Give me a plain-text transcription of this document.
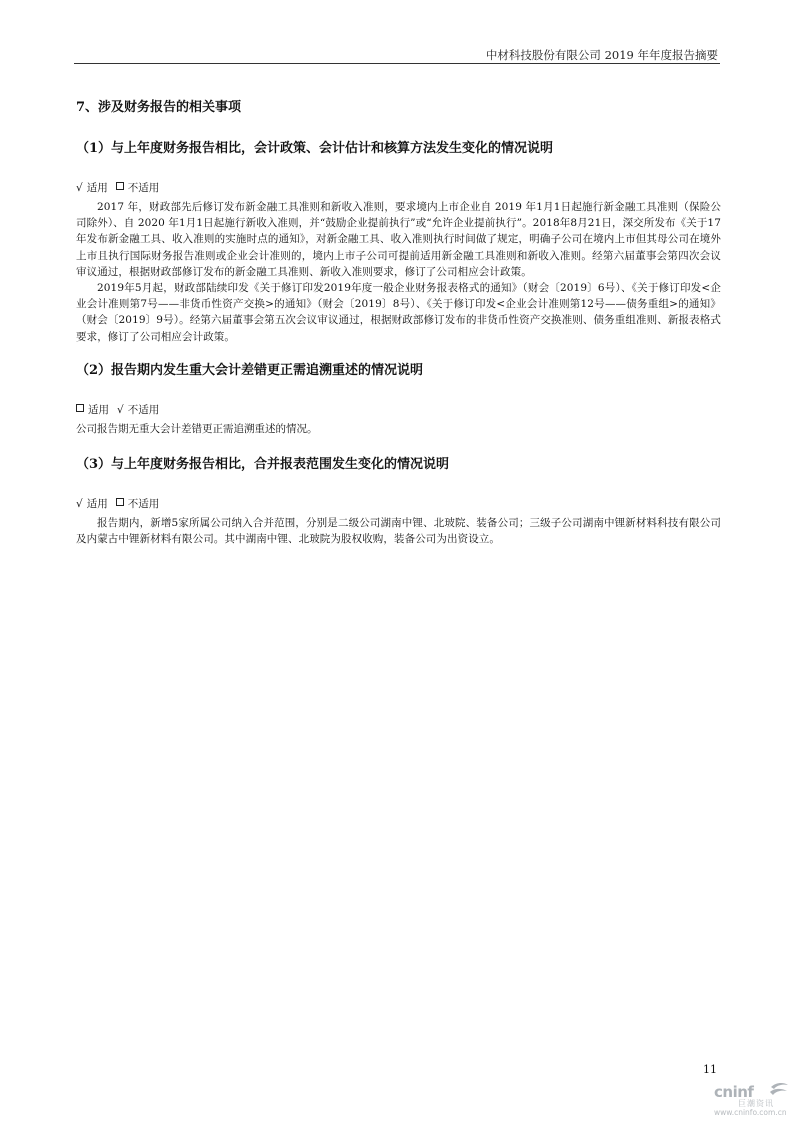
中材科技股份有限公司 2019 年年度报告摘要

7、涉及财务报告的相关事项

（1）与上年度财务报告相比，会计政策、会计估计和核算方法发生变化的情况说明

√ 适用 不适用

2017 年，财政部先后修订发布新金融工具准则和新收入准则，要求境内上市企业自 2019 年1月1日起施行新金融工具准则（保险公司除外）、自 2020 年1月1日起施行新收入准则，并“鼓励企业提前执行”或“允许企业提前执行”。2018年8月21日，深交所发布《关于17年发布新金融工具、收入准则的实施时点的通知》，对新金融工具、收入准则执行时间做了规定，明确子公司在境内上市但其母公司在境外上市且执行国际财务报告准则或企业会计准则的，境内上市子公司可提前适用新金融工具准则和新收入准则。经第六届董事会第四次会议审议通过，根据财政部修订发布的新金融工具准则、新收入准则要求，修订了公司相应会计政策。

2019年5月起，财政部陆续印发《关于修订印发2019年度一般企业财务报表格式的通知》（财会〔2019〕6号）、《关于修订印发<企业会计准则第7号——非货币性资产交换>的通知》（财会〔2019〕8号）、《关于修订印发<企业会计准则第12号——债务重组>的通知》（财会〔2019〕9号）。经第六届董事会第五次会议审议通过，根据财政部修订发布的非货币性资产交换准则、债务重组准则、新报表格式要求，修订了公司相应会计政策。

（2）报告期内发生重大会计差错更正需追溯重述的情况说明

适用 √ 不适用

公司报告期无重大会计差错更正需追溯重述的情况。

（3）与上年度财务报告相比，合并报表范围发生变化的情况说明

√ 适用 不适用

报告期内，新增5家所属公司纳入合并范围，分别是二级公司湖南中锂、北玻院、装备公司；三级子公司湖南中锂新材料科技有限公司及内蒙古中锂新材料有限公司。其中湖南中锂、北玻院为股权收购，装备公司为出资设立。

11
cninf
巨潮资讯
www.cninfo.com.cn
